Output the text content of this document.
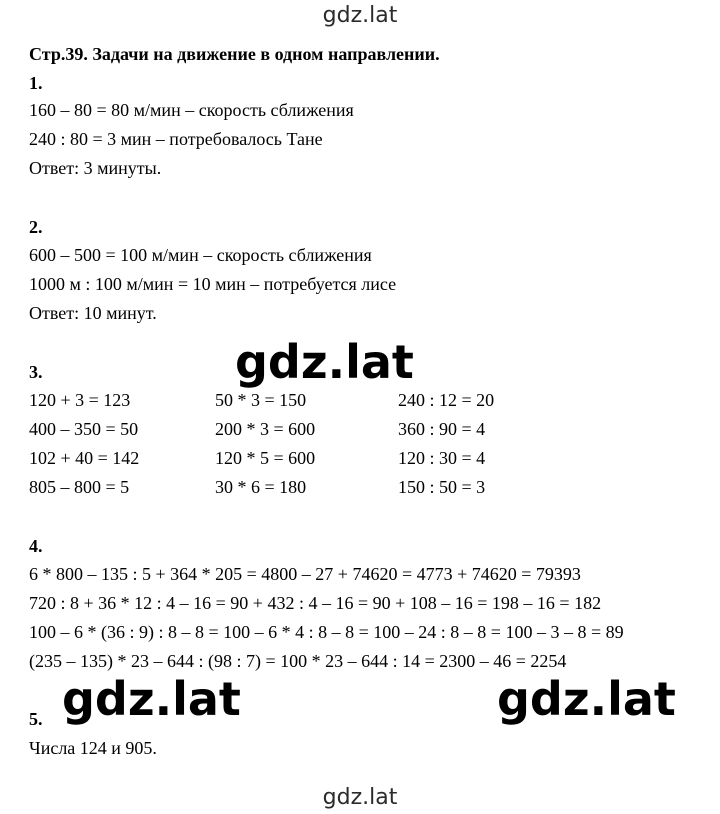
gdz.lat
Стр.39. Задачи на движение в одном направлении.
1.
160 – 80 = 80 м/мин – скорость сближения
240 : 80 = 3 мин – потребовалось Тане
Ответ: 3 минуты.
2.
600 – 500 = 100 м/мин – скорость сближения
1000 м : 100 м/мин = 10 мин – потребуется лисе
Ответ: 10 минут.
gdz.lat
3.
120 + 3 = 123
400 – 350 = 50
102 + 40 = 142
805 – 800 = 5
50 * 3 = 150
200 * 3 = 600
120 * 5 = 600
30 * 6 = 180
240 : 12 = 20
360 : 90 = 4
120 : 30 = 4
150 : 50 = 3
4.
6 * 800 – 135 : 5 + 364 * 205 = 4800 – 27 + 74620 = 4773 + 74620 = 79393
720 : 8 + 36 * 12 : 4 – 16 = 90 + 432 : 4 – 16 = 90 + 108 – 16 = 198 – 16 = 182
100 – 6 * (36 : 9) : 8 – 8 = 100 – 6 * 4 : 8 – 8 = 100 – 24 : 8 – 8 = 100 – 3 – 8 = 89
(235 – 135) * 23 – 644 : (98 : 7) = 100 * 23 – 644 : 14 = 2300 – 46 = 2254
gdz.lat	gdz.lat
5.
Числа 124 и 905.
gdz.lat
